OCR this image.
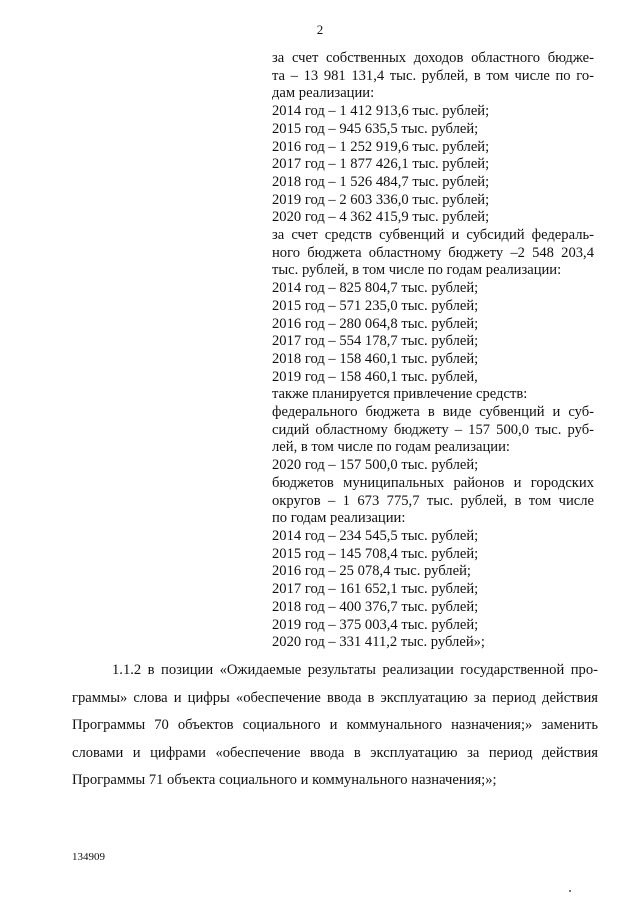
2
за счет собственных доходов областного бюдже-
та – 13 981 131,4 тыс. рублей, в том числе по го-
дам реализации:
2014 год – 1 412 913,6 тыс. рублей;
2015 год – 945 635,5 тыс. рублей;
2016 год – 1 252 919,6 тыс. рублей;
2017 год – 1 877 426,1 тыс. рублей;
2018 год – 1 526 484,7 тыс. рублей;
2019 год – 2 603 336,0 тыс. рублей;
2020 год – 4 362 415,9 тыс. рублей;
за счет средств субвенций и субсидий федераль-
ного бюджета областному бюджету –2 548 203,4
тыс. рублей, в том числе по годам реализации:
2014 год – 825 804,7 тыс. рублей;
2015 год – 571 235,0 тыс. рублей;
2016 год – 280 064,8 тыс. рублей;
2017 год – 554 178,7 тыс. рублей;
2018 год – 158 460,1 тыс. рублей;
2019 год – 158 460,1 тыс. рублей,
также планируется привлечение средств:
федерального бюджета в виде субвенций и суб-
сидий областному бюджету – 157 500,0 тыс. руб-
лей, в том числе по годам реализации:
2020 год – 157 500,0 тыс. рублей;
бюджетов муниципальных районов и городских
округов – 1 673 775,7 тыс. рублей, в том числе
по годам реализации:
2014 год – 234 545,5 тыс. рублей;
2015 год – 145 708,4 тыс. рублей;
2016 год – 25 078,4 тыс. рублей;
2017 год – 161 652,1 тыс. рублей;
2018 год – 400 376,7 тыс. рублей;
2019 год – 375 003,4 тыс. рублей;
2020 год – 331 411,2 тыс. рублей»;
1.1.2 в позиции «Ожидаемые результаты реализации государственной про-
граммы» слова и цифры «обеспечение ввода в эксплуатацию за период действия
Программы 70 объектов социального и коммунального назначения;» заменить
словами и цифрами «обеспечение ввода в эксплуатацию за период действия
Программы 71 объекта социального и коммунального назначения;»;
134909
